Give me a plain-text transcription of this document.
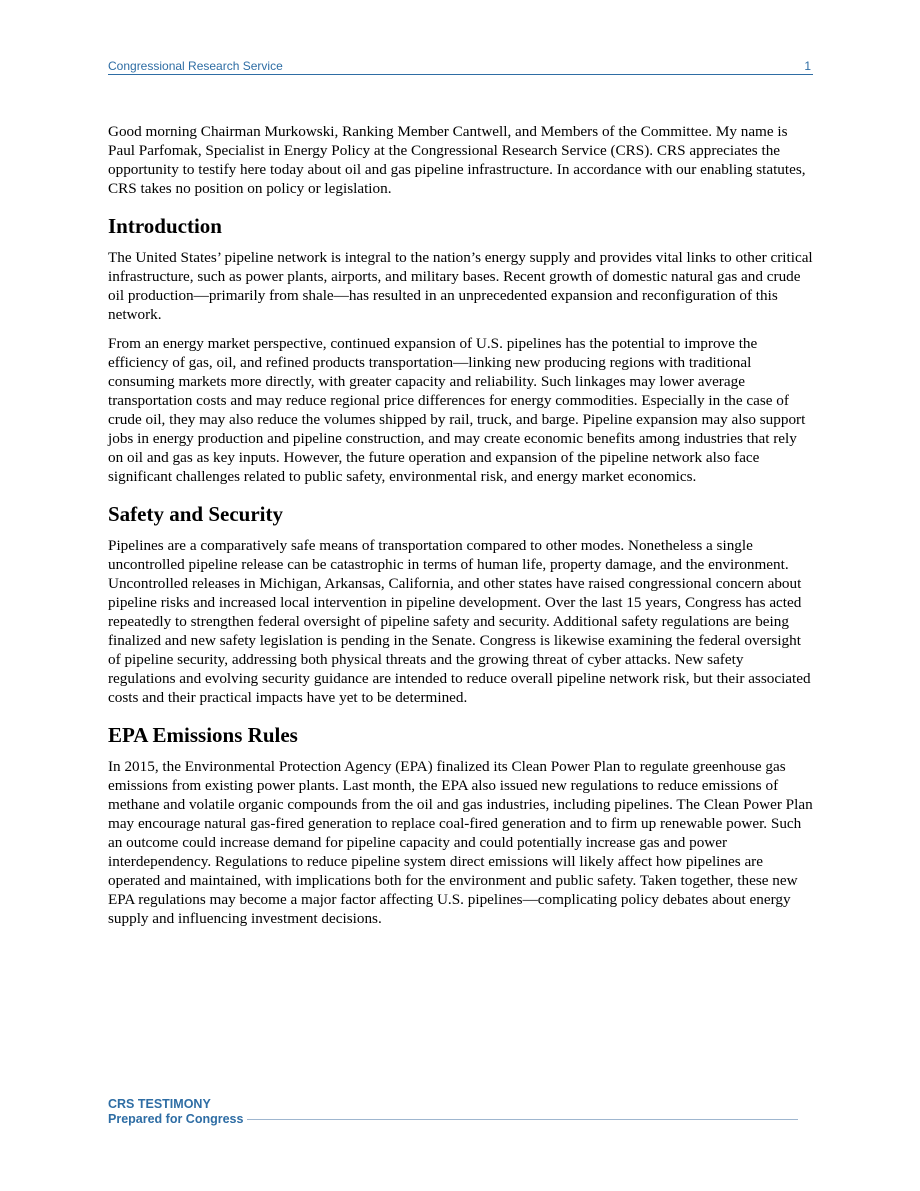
Congressional Research Service	1

Good morning Chairman Murkowski, Ranking Member Cantwell, and Members of the Committee. My name is Paul Parfomak, Specialist in Energy Policy at the Congressional Research Service (CRS). CRS appreciates the opportunity to testify here today about oil and gas pipeline infrastructure. In accordance with our enabling statutes, CRS takes no position on policy or legislation.

Introduction

The United States’ pipeline network is integral to the nation’s energy supply and provides vital links to other critical infrastructure, such as power plants, airports, and military bases. Recent growth of domestic natural gas and crude oil production—primarily from shale—has resulted in an unprecedented expansion and reconfiguration of this network.

From an energy market perspective, continued expansion of U.S. pipelines has the potential to improve the efficiency of gas, oil, and refined products transportation—linking new producing regions with traditional consuming markets more directly, with greater capacity and reliability. Such linkages may lower average transportation costs and may reduce regional price differences for energy commodities. Especially in the case of crude oil, they may also reduce the volumes shipped by rail, truck, and barge. Pipeline expansion may also support jobs in energy production and pipeline construction, and may create economic benefits among industries that rely on oil and gas as key inputs. However, the future operation and expansion of the pipeline network also face significant challenges related to public safety, environmental risk, and energy market economics.

Safety and Security

Pipelines are a comparatively safe means of transportation compared to other modes. Nonetheless a single uncontrolled pipeline release can be catastrophic in terms of human life, property damage, and the environment. Uncontrolled releases in Michigan, Arkansas, California, and other states have raised congressional concern about pipeline risks and increased local intervention in pipeline development. Over the last 15 years, Congress has acted repeatedly to strengthen federal oversight of pipeline safety and security. Additional safety regulations are being finalized and new safety legislation is pending in the Senate. Congress is likewise examining the federal oversight of pipeline security, addressing both physical threats and the growing threat of cyber attacks. New safety regulations and evolving security guidance are intended to reduce overall pipeline network risk, but their associated costs and their practical impacts have yet to be determined.

EPA Emissions Rules

In 2015, the Environmental Protection Agency (EPA) finalized its Clean Power Plan to regulate greenhouse gas emissions from existing power plants. Last month, the EPA also issued new regulations to reduce emissions of methane and volatile organic compounds from the oil and gas industries, including pipelines. The Clean Power Plan may encourage natural gas-fired generation to replace coal-fired generation and to firm up renewable power. Such an outcome could increase demand for pipeline capacity and could potentially increase gas and power interdependency. Regulations to reduce pipeline system direct emissions will likely affect how pipelines are operated and maintained, with implications both for the environment and public safety. Taken together, these new EPA regulations may become a major factor affecting U.S. pipelines—complicating policy debates about energy supply and influencing investment decisions.

CRS TESTIMONY
Prepared for Congress
